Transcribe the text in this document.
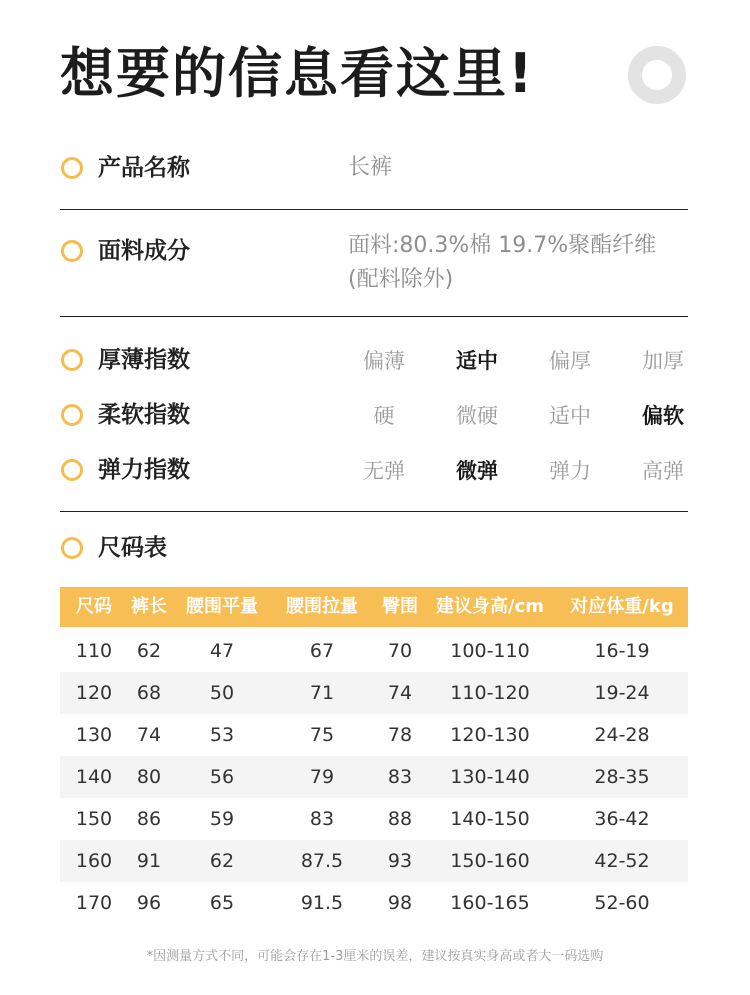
想要的信息看这里!
产品名称	长裤
面料成分	面料:80.3%棉 19.7%聚酯纤维
(配料除外)
厚薄指数	偏薄 适中 偏厚 加厚
柔软指数	硬	微硬 适中 偏软
弹力指数	无弹 微弹 弹力 高弹
尺码表
尺码 裤长 腰围平量 腰围拉量 臀围 建议身高/cm 对应体重/kg
110 62	47	67	70 100-110	16-19
120 68	50	71	74 110-120	19-24
130 74	53	75	78 120-130	24-28
140 80	56	79	83 130-140	28-35
150 86	59	83	88 140-150	36-42
160 91	62	87.5 93 150-160	42-52
170 96	65	91.5 98 160-165	52-60
*因测量方式不同，可能会存在1-3厘米的误差，建议按真实身高或者大一码选购
